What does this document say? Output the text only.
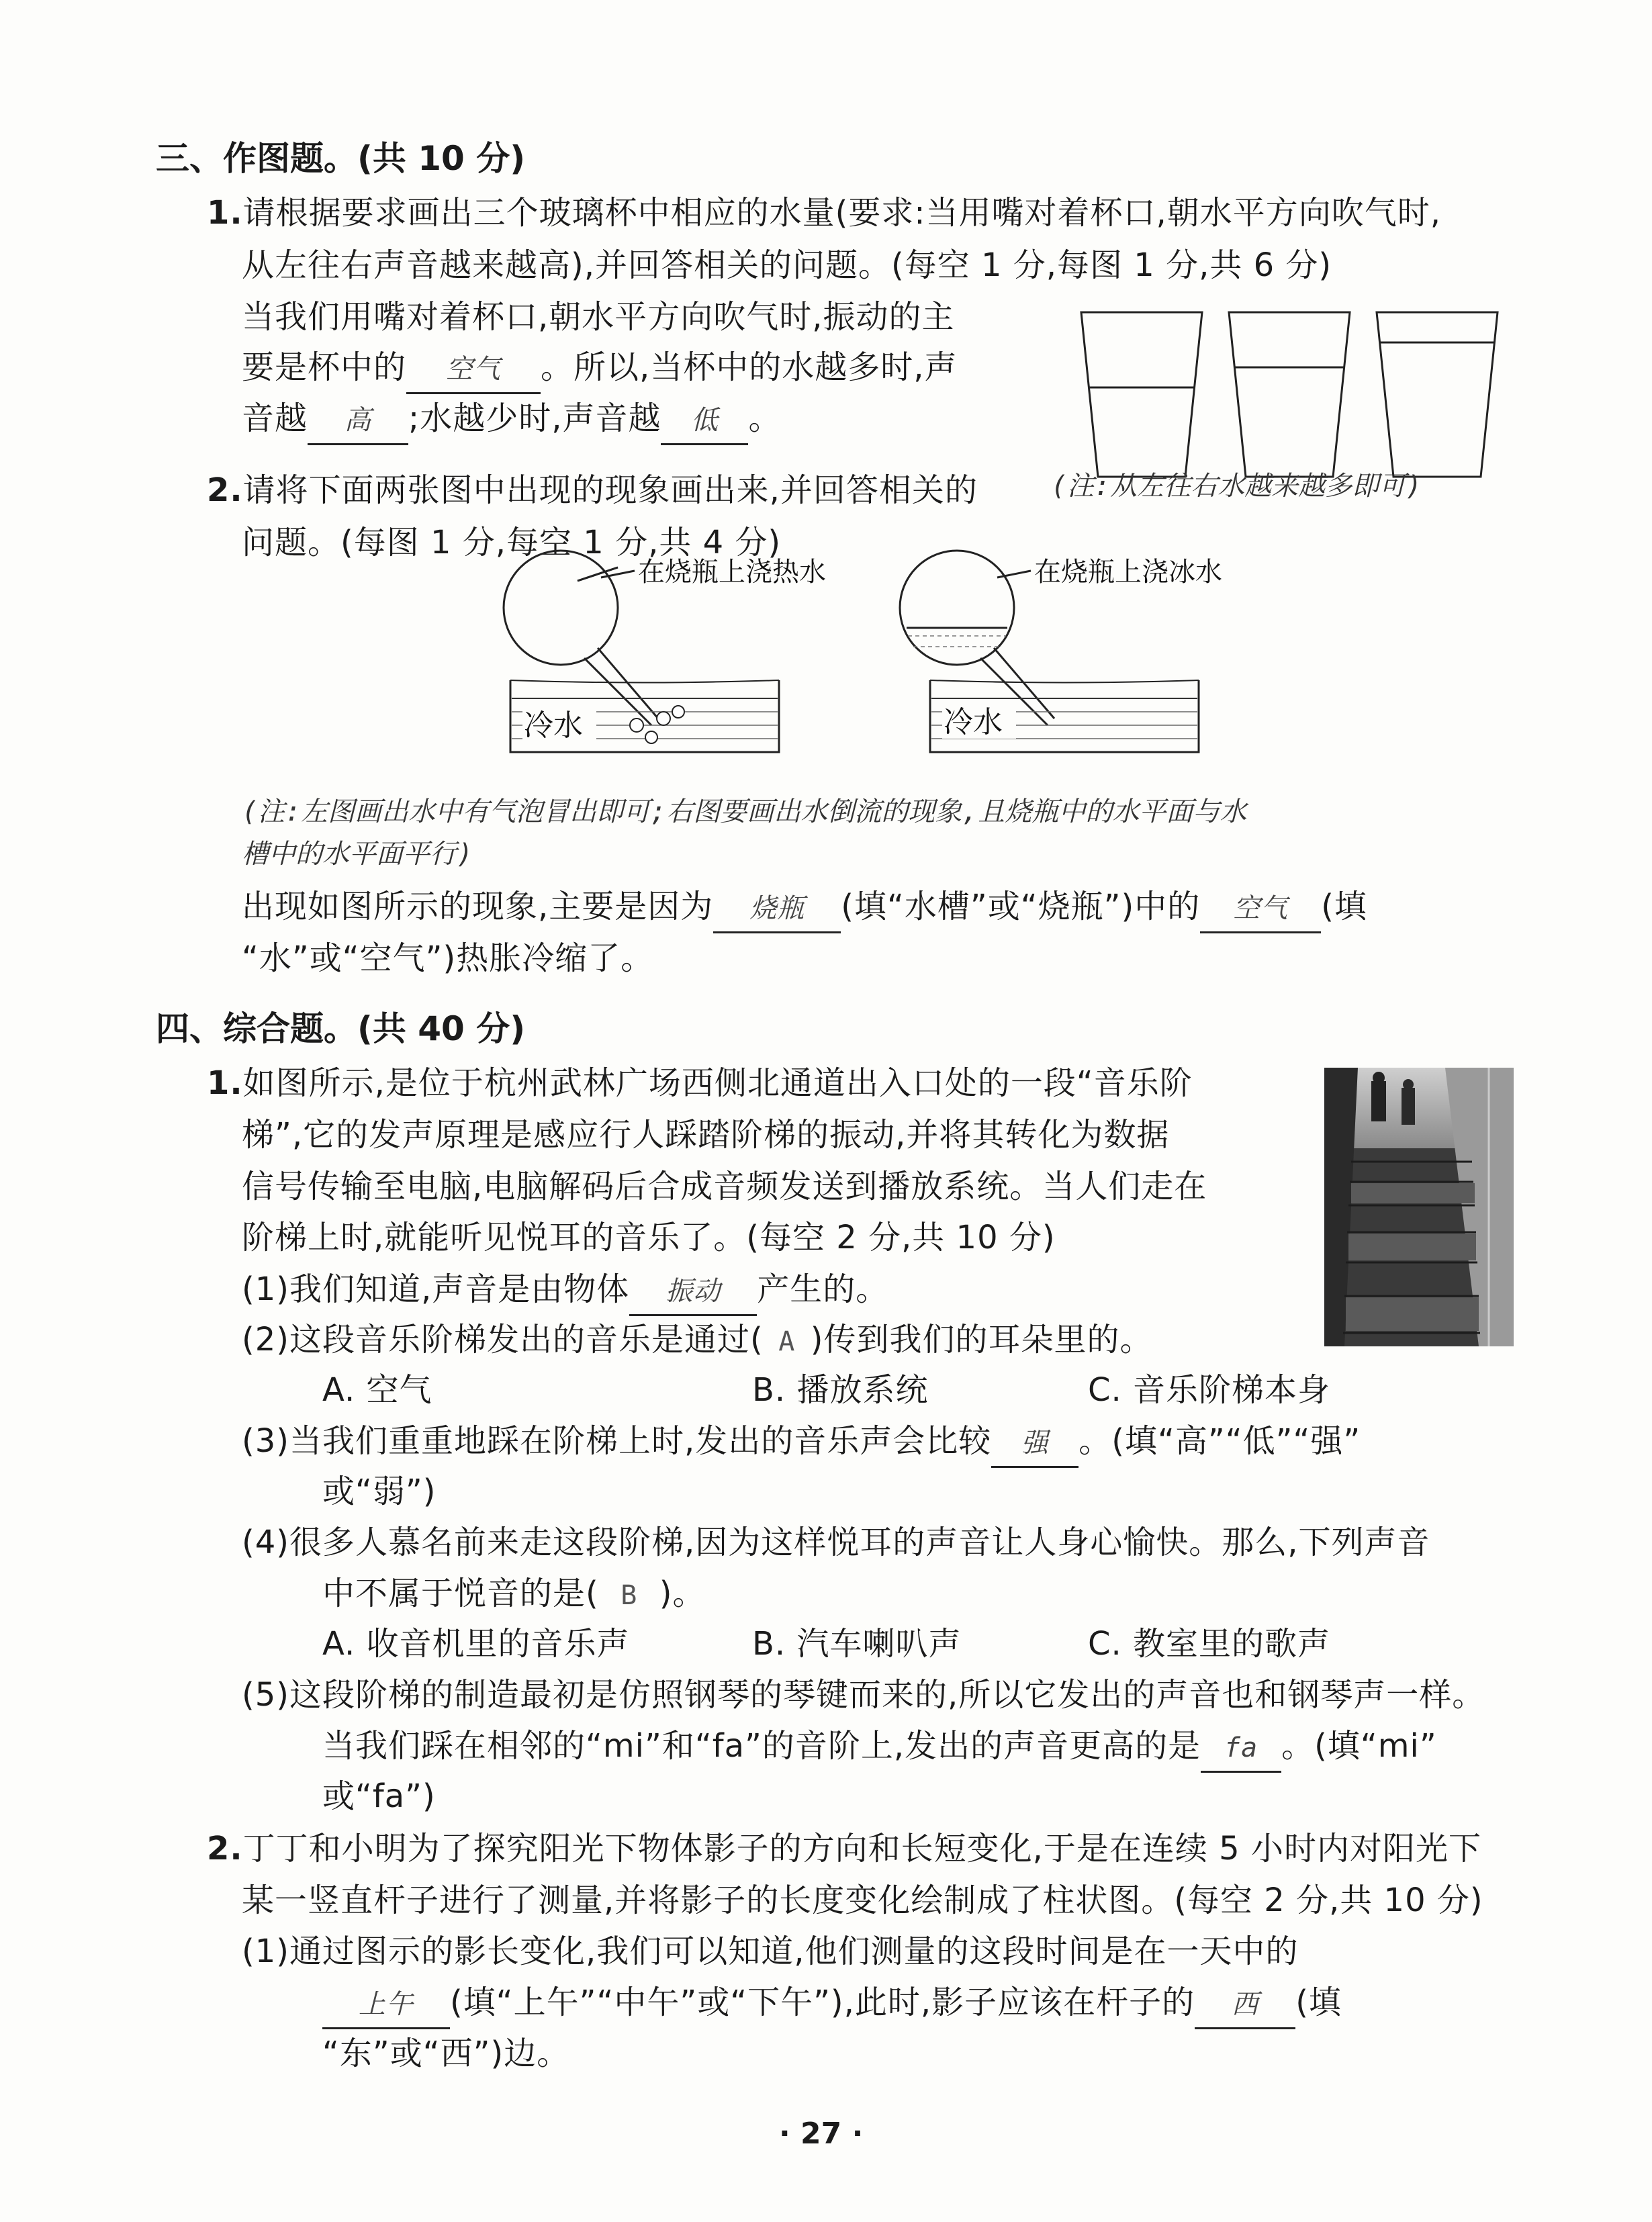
三、作图题。(共 10 分)
1.请根据要求画出三个玻璃杯中相应的水量(要求:当用嘴对着杯口,朝水平方向吹气时,
从左往右声音越来越高),并回答相关的问题。(每空 1 分,每图 1 分,共 6 分)
当我们用嘴对着杯口,朝水平方向吹气时,振动的主
要是杯中的	空气	。所以,当杯中的水越多时,声
音越	高	;水越少时,声音越	低 。
(注:从左往右水越来越多即可)
2.请将下面两张图中出现的现象画出来,并回答相关的
问题。(每图 1 分,每空 1 分,共 4 分)
冷水
在烧瓶上浇热水
冷水
在烧瓶上浇冰水
(注:左图画出水中有气泡冒出即可;右图要画出水倒流的现象,且烧瓶中的水平面与水
槽中的水平面平行)
出现如图所示的现象,主要是因为	烧瓶	(填“水槽”或“烧瓶”)中的	空气	(填
“水”或“空气”)热胀冷缩了。
四、综合题。(共 40 分)
1.如图所示,是位于杭州武林广场西侧北通道出入口处的一段“音乐阶
梯”,它的发声原理是感应行人踩踏阶梯的振动,并将其转化为数据
信号传输至电脑,电脑解码后合成音频发送到播放系统。当人们走在
阶梯上时,就能听见悦耳的音乐了。(每空 2 分,共 10 分)
(1)我们知道,声音是由物体	振动	产生的。
(2)这段音乐阶梯发出的音乐是通过( A )传到我们的耳朵里的。
A. 空气	B. 播放系统	C. 音乐阶梯本身
(3)当我们重重地踩在阶梯上时,发出的音乐声会比较	强 。(填“高”“低”“强”
或“弱”)
(4)很多人慕名前来走这段阶梯,因为这样悦耳的声音让人身心愉快。那么,下列声音
中不属于悦音的是( B )。
A. 收音机里的音乐声	B. 汽车喇叭声	C. 教室里的歌声
(5)这段阶梯的制造最初是仿照钢琴的琴键而来的,所以它发出的声音也和钢琴声一样。
当我们踩在相邻的“mi”和“fa”的音阶上,发出的声音更高的是 fa 。(填“mi”
或“fa”)
2.丁丁和小明为了探究阳光下物体影子的方向和长短变化,于是在连续 5 小时内对阳光下
某一竖直杆子进行了测量,并将影子的长度变化绘制成了柱状图。(每空 2 分,共 10 分)
(1)通过图示的影长变化,我们可以知道,他们测量的这段时间是在一天中的
上午	(填“上午”“中午”或“下午”),此时,影子应该在杆子的	西	(填
“东”或“西”)边。
· 27 ·
